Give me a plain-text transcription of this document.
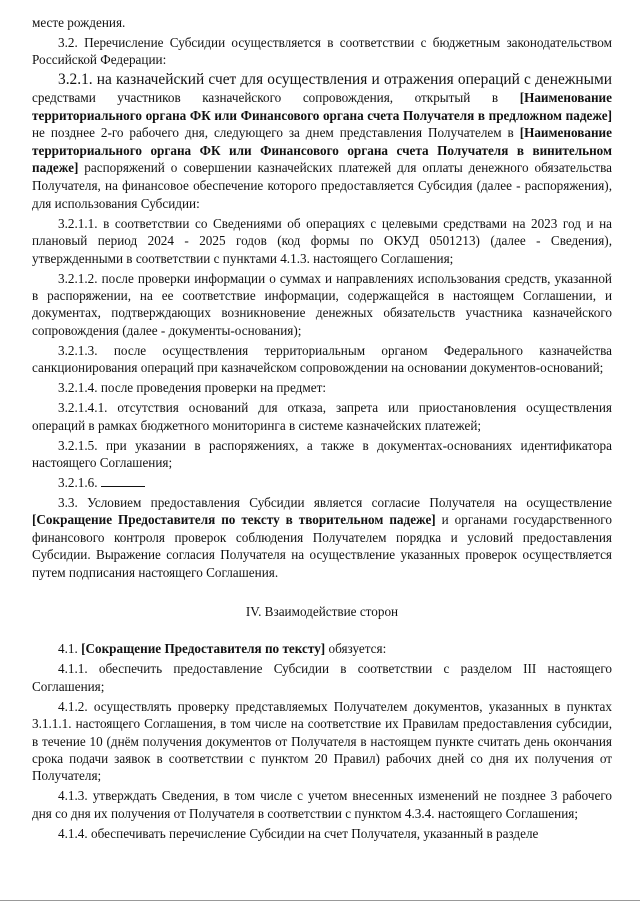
месте рождения.

3.2. Перечисление Субсидии осуществляется в соответствии с бюджетным законодательством Российской Федерации:

3.2.1. на казначейский счет для осуществления и отражения операций с денежными средствами участников казначейского сопровождения, открытый в [Наименование территориального органа ФК или Финансового органа счета Получателя в предложном падеже] не позднее 2-го рабочего дня, следующего за днем представления Получателем в [Наименование территориального органа ФК или Финансового органа счета Получателя в винительном падеже] распоряжений о совершении казначейских платежей для оплаты денежного обязательства Получателя, на финансовое обеспечение которого предоставляется Субсидия (далее - распоряжения), для использования Субсидии:

3.2.1.1. в соответствии со Сведениями об операциях с целевыми средствами на 2023 год и на плановый период 2024 - 2025 годов (код формы по ОКУД 0501213) (далее - Сведения), утвержденными в соответствии с пунктами 4.1.3. настоящего Соглашения;

3.2.1.2. после проверки информации о суммах и направлениях использования средств, указанной в распоряжении, на ее соответствие информации, содержащейся в настоящем Соглашении, и документах, подтверждающих возникновение денежных обязательств участника казначейского сопровождения (далее - документы-основания);

3.2.1.3. после осуществления территориальным органом Федерального казначейства санкционирования операций при казначейском сопровождении на основании документов-оснований;

3.2.1.4. после проведения проверки на предмет:

3.2.1.4.1. отсутствия оснований для отказа, запрета или приостановления осуществления операций в рамках бюджетного мониторинга в системе казначейских платежей;

3.2.1.5. при указании в распоряжениях, а также в документах-основаниях идентификатора настоящего Соглашения;

3.2.1.6.

3.3. Условием предоставления Субсидии является согласие Получателя на осуществление [Сокращение Предоставителя по тексту в творительном падеже] и органами государственного финансового контроля проверок соблюдения Получателем порядка и условий предоставления Субсидии. Выражение согласия Получателя на осуществление указанных проверок осуществляется путем подписания настоящего Соглашения.

IV. Взаимодействие сторон

4.1. [Сокращение Предоставителя по тексту] обязуется:

4.1.1. обеспечить предоставление Субсидии в соответствии с разделом III настоящего Соглашения;

4.1.2. осуществлять проверку представляемых Получателем документов, указанных в пунктах 3.1.1.1. настоящего Соглашения, в том числе на соответствие их Правилам предоставления субсидии, в течение 10 (днём получения документов от Получателя в настоящем пункте считать день окончания срока подачи заявок в соответствии с пунктом 20 Правил) рабочих дней со дня их получения от Получателя;

4.1.3. утверждать Сведения, в том числе с учетом внесенных изменений не позднее 3 рабочего дня со дня их получения от Получателя в соответствии с пунктом 4.3.4. настоящего Соглашения;

4.1.4. обеспечивать перечисление Субсидии на счет Получателя, указанный в разделе
